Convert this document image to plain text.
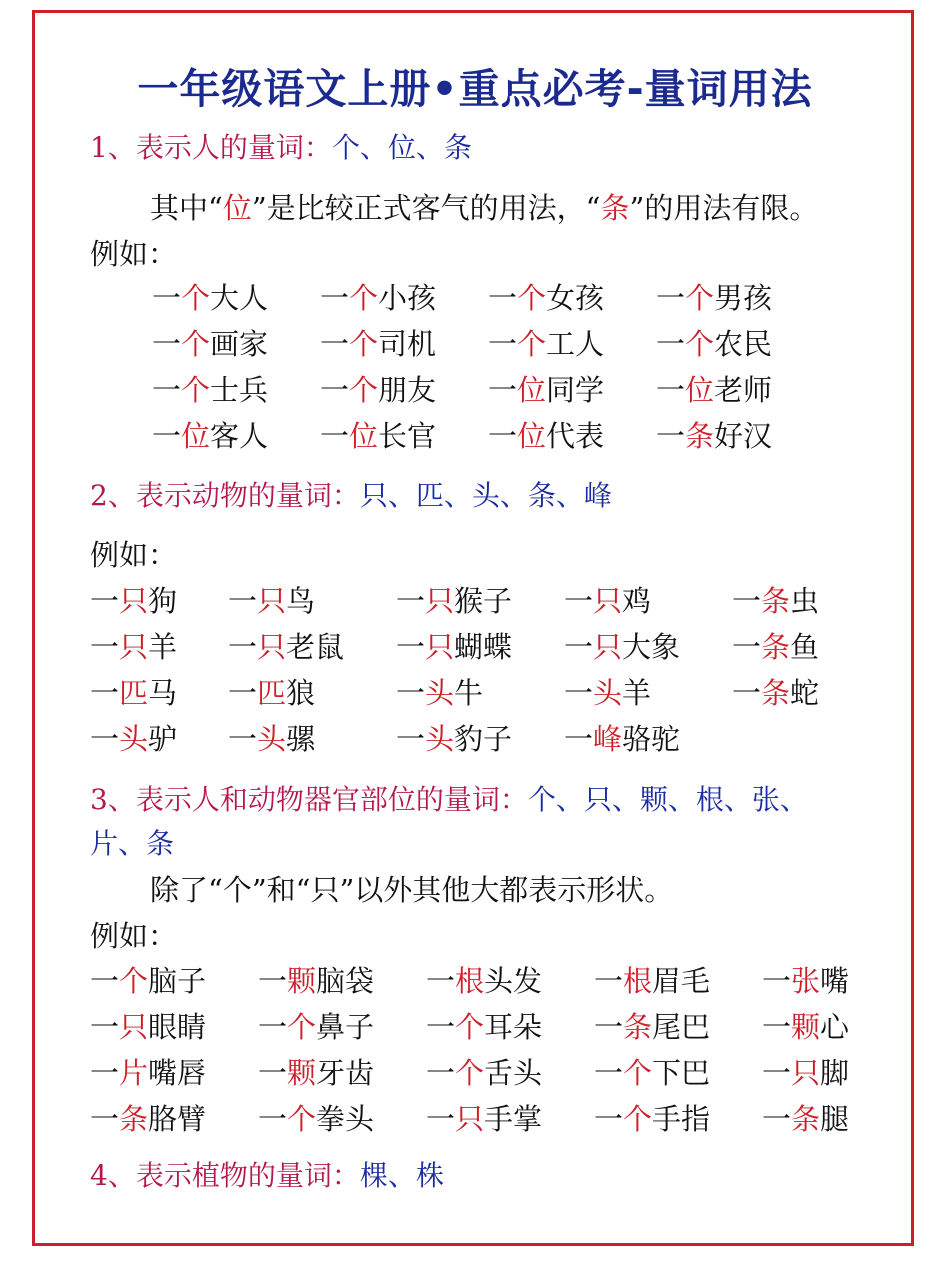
一年级语文上册•重点必考-量词用法
1、表示人的量词：个、位、条
其中“位”是比较正式客气的用法，“条”的用法有限。
例如：
一个大人 一个小孩 一个女孩 一个男孩
一个画家 一个司机 一个工人 一个农民
一个士兵 一个朋友 一位同学 一位老师
一位客人 一位长官 一位代表 一条好汉
2、表示动物的量词：只、匹、头、条、峰
例如：
一只狗 一只鸟	一只猴子 一只鸡	一条虫
一只羊 一只老鼠 一只蝴蝶 一只大象 一条鱼
一匹马 一匹狼	一头牛	一头羊	一条蛇
一头驴 一头骡	一头豹子 一峰骆驼
3、表示人和动物器官部位的量词：个、只、颗、根、张、
片、条
除了“个”和“只”以外其他大都表示形状。
例如：
一个脑子 一颗脑袋 一根头发 一根眉毛 一张嘴
一只眼睛 一个鼻子 一个耳朵 一条尾巴 一颗心
一片嘴唇 一颗牙齿 一个舌头 一个下巴 一只脚
一条胳臂 一个拳头 一只手掌 一个手指 一条腿
4、表示植物的量词：棵、株
